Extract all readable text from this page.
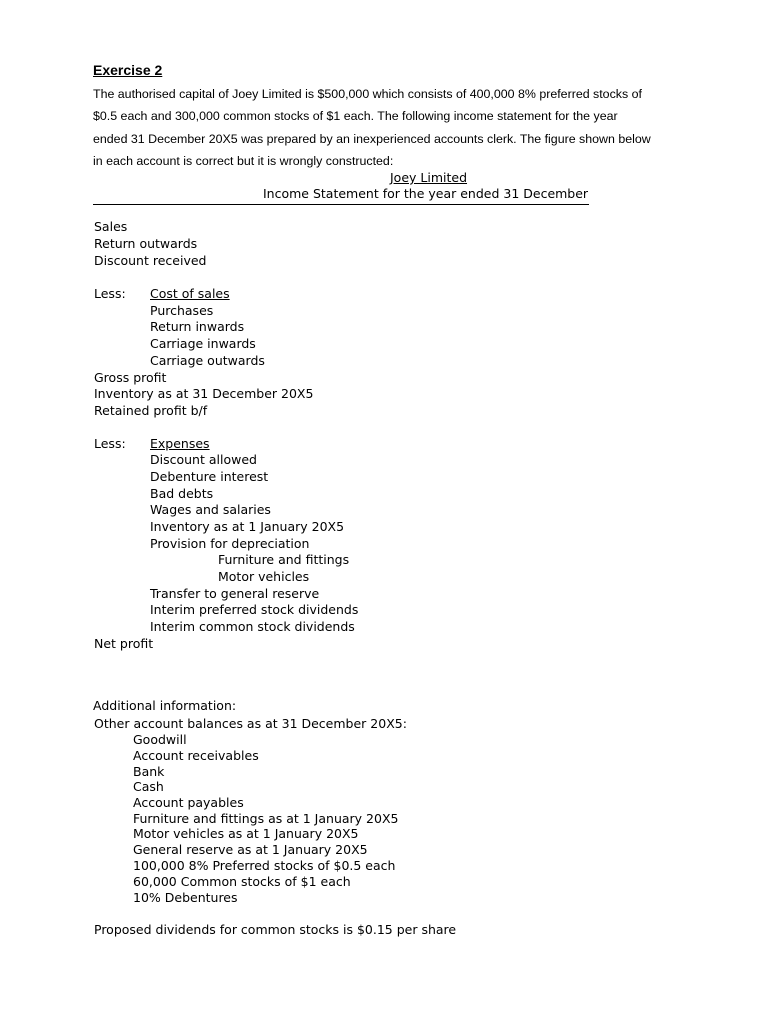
Exercise 2
The authorised capital of Joey Limited is $500,000 which consists of 400,000 8% preferred stocks of
$0.5 each and 300,000 common stocks of $1 each. The following income statement for the year
ended 31 December 20X5 was prepared by an inexperienced accounts clerk. The figure shown below
in each account is correct but it is wrongly constructed:
Joey Limited
Income Statement for the year ended 31 December
Sales
Return outwards
Discount received
Less: Cost of sales
Purchases
Return inwards
Carriage inwards
Carriage outwards
Gross profit
Inventory as at 31 December 20X5
Retained profit b/f
Less: Expenses
Discount allowed
Debenture interest
Bad debts
Wages and salaries
Inventory as at 1 January 20X5
Provision for depreciation
Furniture and fittings
Motor vehicles
Transfer to general reserve
Interim preferred stock dividends
Interim common stock dividends
Net profit
Additional information:
Other account balances as at 31 December 20X5:
Goodwill
Account receivables
Bank
Cash
Account payables
Furniture and fittings as at 1 January 20X5
Motor vehicles as at 1 January 20X5
General reserve as at 1 January 20X5
100,000 8% Preferred stocks of $0.5 each
60,000 Common stocks of $1 each
10% Debentures
Proposed dividends for common stocks is $0.15 per share
